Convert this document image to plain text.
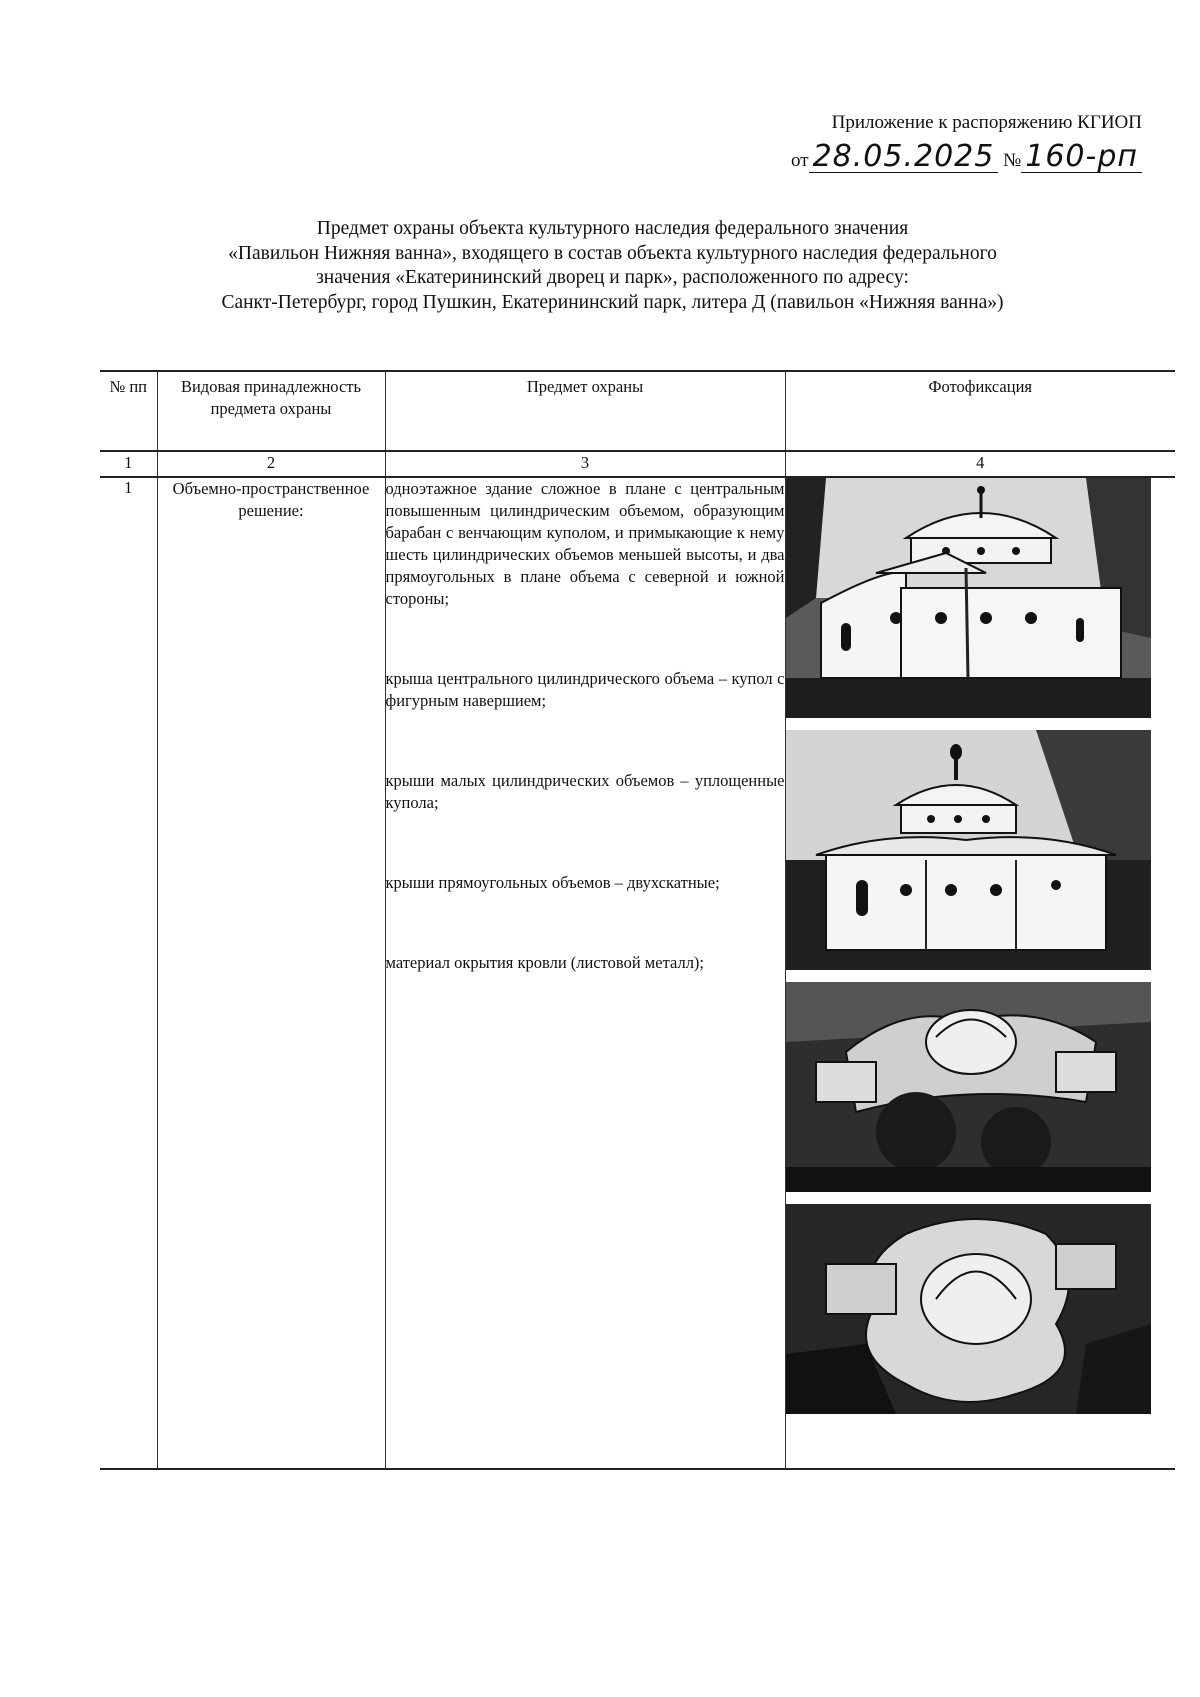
Приложение к распоряжению КГИОП
от 28.05.2025 № 160-рп
Предмет охраны объекта культурного наследия федерального значения
«Павильон Нижняя ванна», входящего в состав объекта культурного наследия федерального
значения «Екатерининский дворец и парк», расположенного по адресу:
Санкт-Петербург, город Пушкин, Екатерининский парк, литера Д (павильон «Нижняя ванна»)
№ пп	Видовая принадлежность предмета охраны	Предмет охраны	Фотофиксация
1	2	3	4
1	Объемно-пространственное решение:	одноэтажное здание сложное в плане с центральным повышенным цилиндрическим объемом, образующим барабан с венчающим куполом, и примыкающие к нему шесть цилиндрических объемов меньшей высоты, и два прямоугольных в плане объема с северной и южной стороны;

крыша центрального цилиндрического объема – купол с фигурным навершием;

крыши малых цилиндрических объемов – уплощенные купола;

крыши прямоугольных объемов – двухскатные;

материал окрытия кровли (листовой металл);
